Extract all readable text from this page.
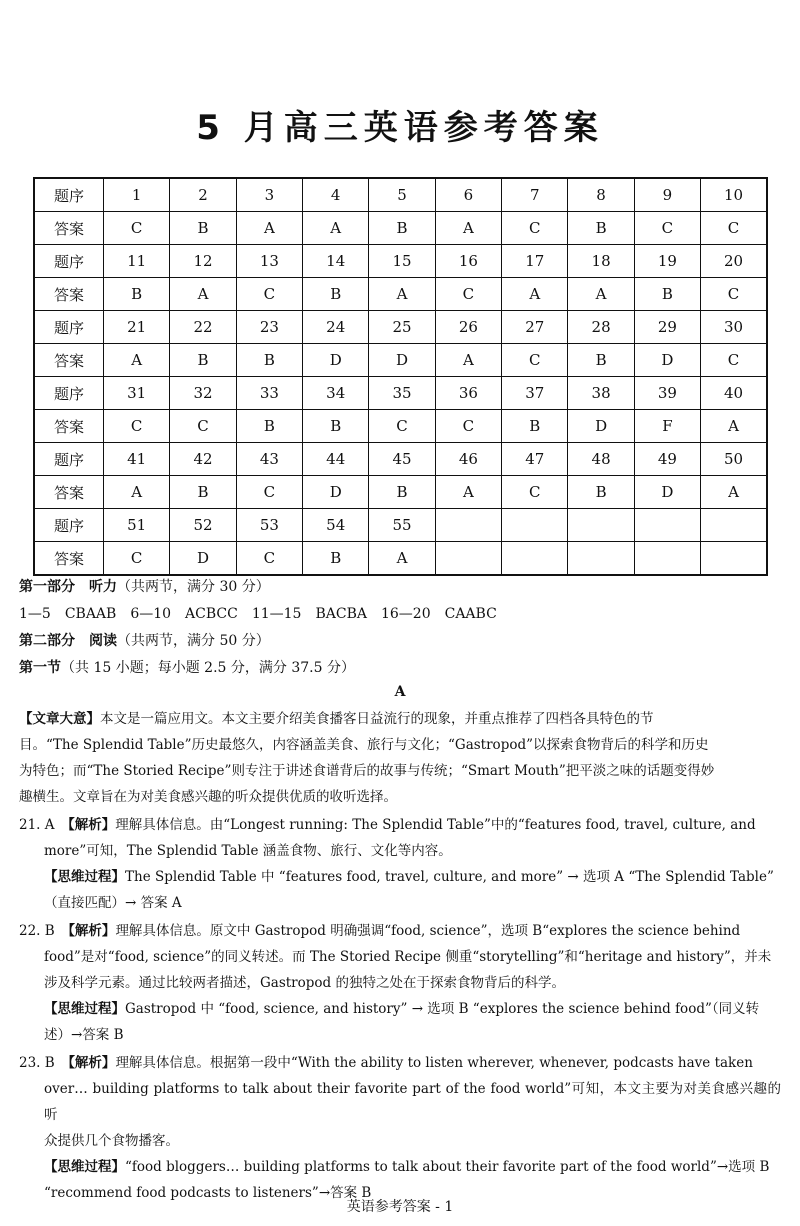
5 月高三英语参考答案
题序	1	2	3	4	5	6	7	8	9	10
答案	C	B	A	A	B	A	C	B	C	C
题序	11	12	13	14	15	16	17	18	19	20
答案	B	A	C	B	A	C	A	A	B	C
题序	21	22	23	24	25	26	27	28	29	30
答案	A	B	B	D	D	A	C	B	D	C
题序	31	32	33	34	35	36	37	38	39	40
答案	C	C	B	B	C	C	B	D	F	A
题序	41	42	43	44	45	46	47	48	49	50
答案	A	B	C	D	B	A	C	B	D	A
题序	51	52	53	54	55					
答案	C	D	C	B	A					
第一部分　听力（共两节，满分 30 分）
1—5　CBAAB　6—10　ACBCC　11—15　BACBA　16—20　CAABC
第二部分　阅读（共两节，满分 50 分）
第一节（共 15 小题；每小题 2.5 分，满分 37.5 分）
A

【文章大意】本文是一篇应用文。本文主要介绍美食播客日益流行的现象，并重点推荐了四档各具特色的节

目。“The Splendid Table”历史最悠久，内容涵盖美食、旅行与文化；“Gastropod”以探索食物背后的科学和历史

为特色；而“The Storied Recipe”则专注于讲述食谱背后的故事与传统；“Smart Mouth”把平淡之味的话题变得妙

趣横生。文章旨在为对美食感兴趣的听众提供优质的收听选择。

21. A　 【解析】理解具体信息。由“Longest running: The Splendid Table”中的“features food, travel, culture, and

more”可知，The Splendid Table 涵盖食物、旅行、文化等内容。

【思维过程】The Splendid Table 中 “features food, travel, culture, and more” → 选项 A “The Splendid Table”

（直接匹配）→ 答案 A

22. B　 【解析】理解具体信息。原文中 Gastropod 明确强调“food, science”，选项 B“explores the science behind

food”是对“food, science”的同义转述。而 The Storied Recipe 侧重“storytelling”和“heritage and history”，并未

涉及科学元素。通过比较两者描述，Gastropod 的独特之处在于探索食物背后的科学。

【思维过程】Gastropod 中 “food, science, and history” → 选项 B “explores the science behind food”（同义转

述）→答案 B

23. B　 【解析】理解具体信息。根据第一段中“With the ability to listen wherever, whenever, podcasts have taken

over… building platforms to talk about their favorite part of the food world”可知，本文主要为对美食感兴趣的听

众提供几个食物播客。

【思维过程】“food bloggers… building platforms to talk about their favorite part of the food world”→选项 B

“recommend food podcasts to listeners”→答案 B

英语参考答案 - 1
